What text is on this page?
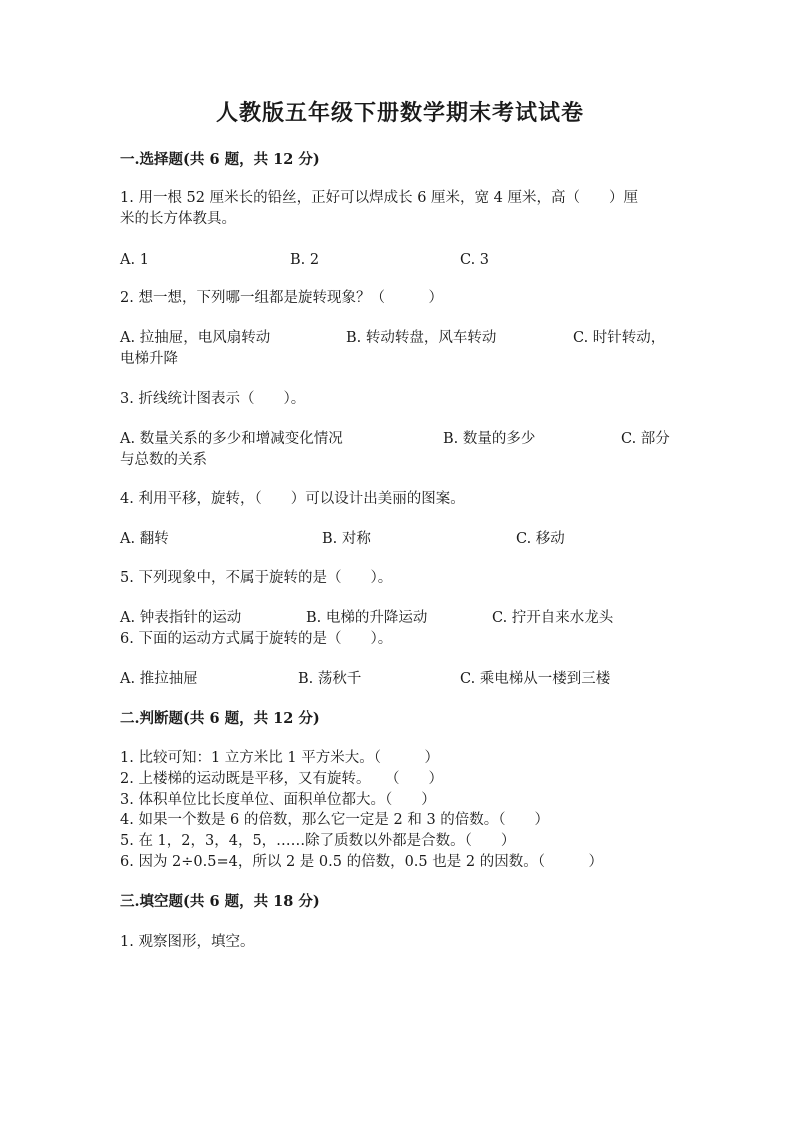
人教版五年级下册数学期末考试试卷
一.选择题(共 6 题，共 12 分)
1. 用一根 52 厘米长的铅丝，正好可以焊成长 6 厘米，宽 4 厘米，高（　　）厘
米的长方体教具。
A. 1	B. 2	C. 3
2. 想一想，下列哪一组都是旋转现象？（　　　）
A. 拉抽屉，电风扇转动	B. 转动转盘，风车转动	C. 时针转动，
电梯升降
3. 折线统计图表示（　　）。
A. 数量关系的多少和增减变化情况	B. 数量的多少	C. 部分
与总数的关系
4. 利用平移，旋转，（　　）可以设计出美丽的图案。
A. 翻转	B. 对称	C. 移动
5. 下列现象中，不属于旋转的是（　　）。
A. 钟表指针的运动	B. 电梯的升降运动	C. 拧开自来水龙头
6. 下面的运动方式属于旋转的是（　　）。
A. 推拉抽屉	B. 荡秋千	C. 乘电梯从一楼到三楼
二.判断题(共 6 题，共 12 分)
1. 比较可知：1 立方米比 1 平方米大。（　　　）
2. 上楼梯的运动既是平移，又有旋转。　　（　　）
3. 体积单位比长度单位、面积单位都大。（　　）
4. 如果一个数是 6 的倍数，那么它一定是 2 和 3 的倍数。（　　）
5. 在 1，2，3，4，5，……除了质数以外都是合数。（　　）
6. 因为 2÷0.5=4，所以 2 是 0.5 的倍数，0.5 也是 2 的因数。（　　　）
三.填空题(共 6 题，共 18 分)
1. 观察图形，填空。
